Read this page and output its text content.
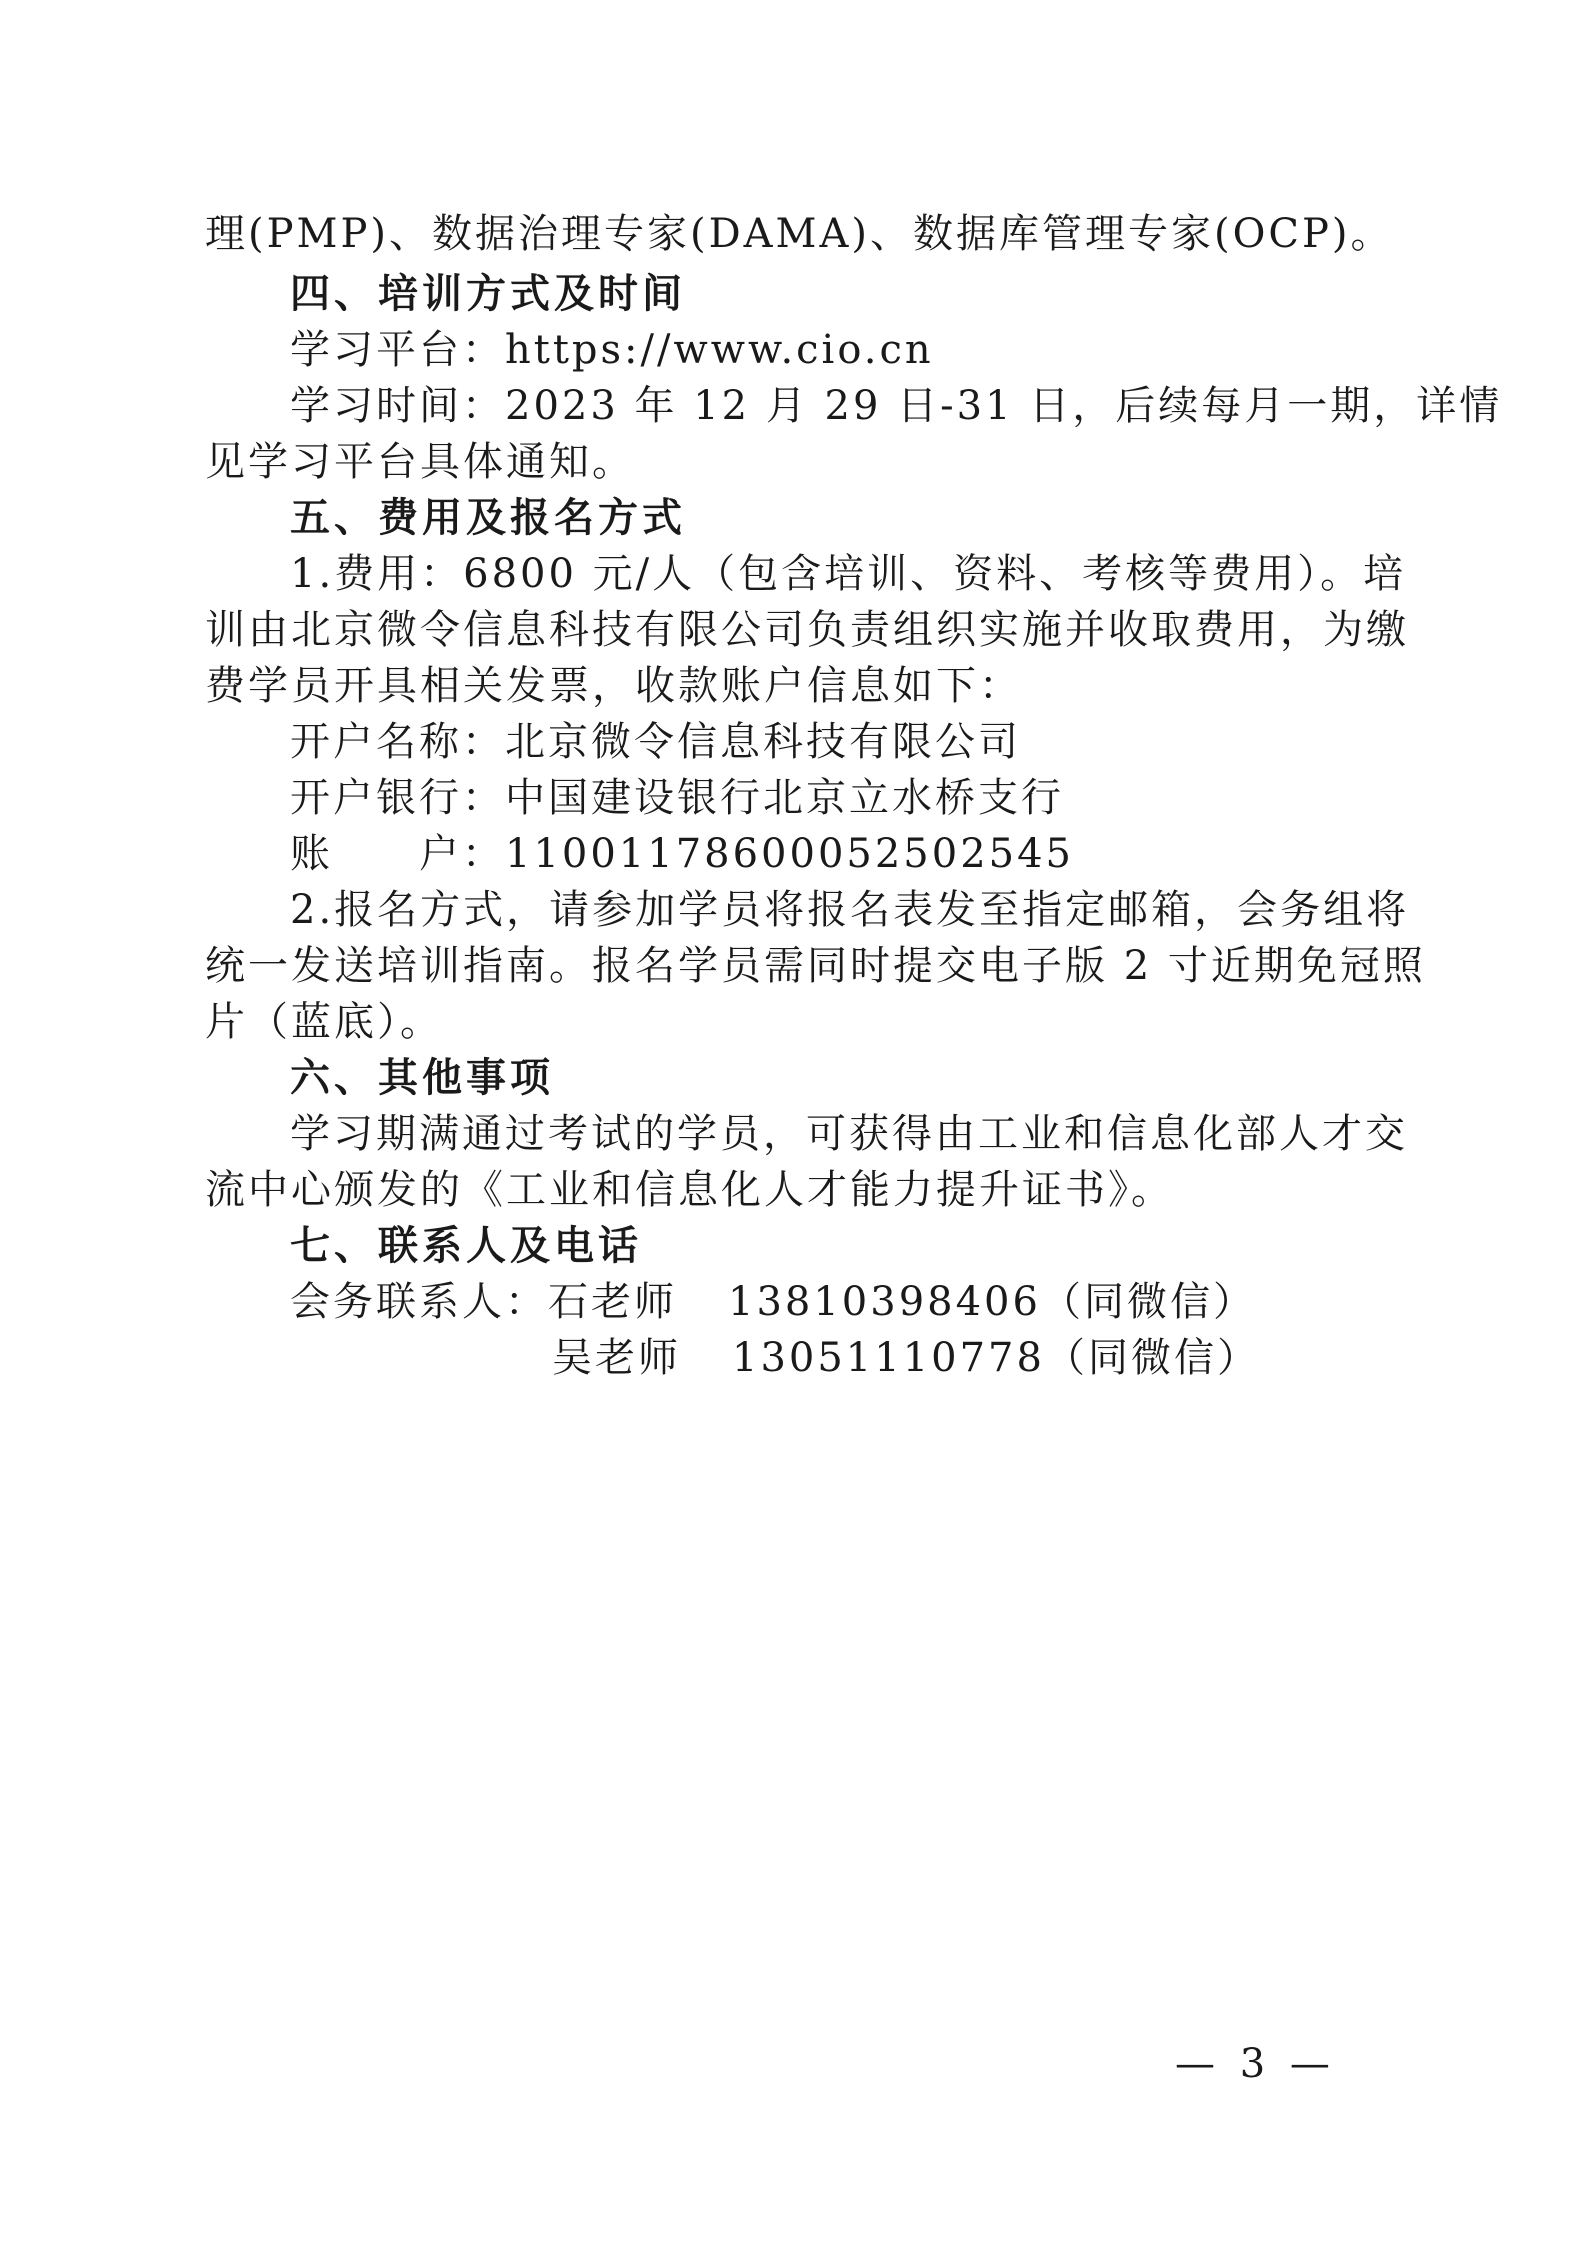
理(PMP)、数据治理专家(DAMA)、数据库管理专家(OCP)。
四、培训方式及时间
学习平台：https://www.cio.cn
学习时间：2023 年 12 月 29 日-31 日，后续每月一期，详情
见学习平台具体通知。
五、费用及报名方式
1.费用：6800 元/人（包含培训、资料、考核等费用）。培
训由北京微令信息科技有限公司负责组织实施并收取费用，为缴
费学员开具相关发票，收款账户信息如下：
开户名称：北京微令信息科技有限公司
开户银行：中国建设银行北京立水桥支行
账　　户：11001178600052502545
2.报名方式，请参加学员将报名表发至指定邮箱，会务组将
统一发送培训指南。报名学员需同时提交电子版 2 寸近期免冠照
片（蓝底）。
六、其他事项
学习期满通过考试的学员，可获得由工业和信息化部人才交
流中心颁发的《工业和信息化人才能力提升证书》。
七、联系人及电话
会务联系人：石老师 13810398406（同微信）
吴老师 13051110778（同微信）
— 3 —
